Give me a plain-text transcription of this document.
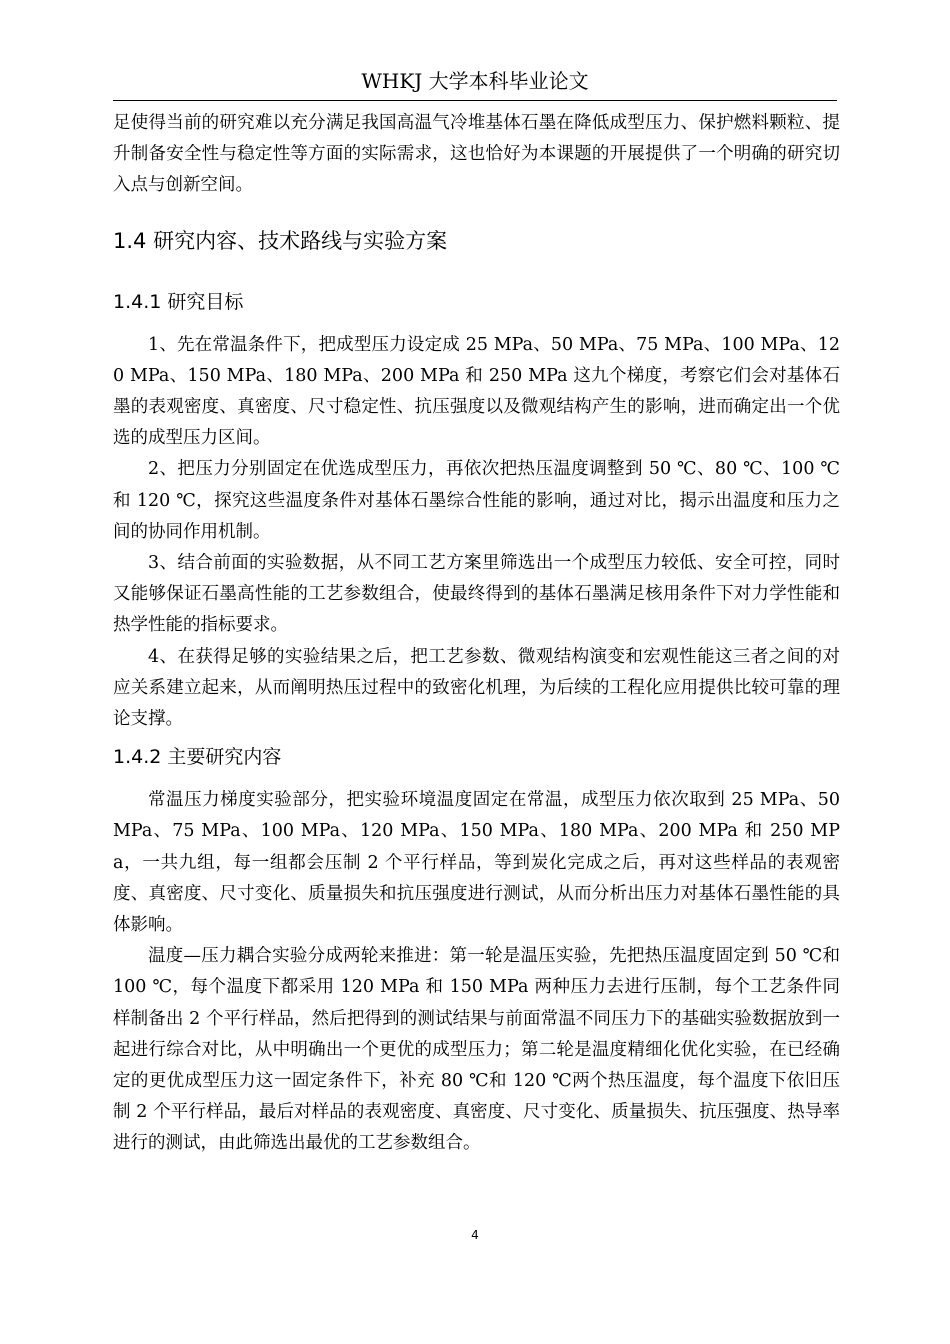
WHKJ 大学本科毕业论文

足使得当前的研究难以充分满足我国高温气冷堆基体石墨在降低成型压力、保护燃料颗粒、提升制备安全性与稳定性等方面的实际需求，这也恰好为本课题的开展提供了一个明确的研究切入点与创新空间。

1.4 研究内容、技术路线与实验方案
1.4.1 研究目标

1、先在常温条件下，把成型压力设定成 25 MPa、50 MPa、75 MPa、100 MPa、120 MPa、150 MPa、180 MPa、200 MPa 和 250 MPa 这九个梯度，考察它们会对基体石墨的表观密度、真密度、尺寸稳定性、抗压强度以及微观结构产生的影响，进而确定出一个优选的成型压力区间。

2、把压力分别固定在优选成型压力，再依次把热压温度调整到 50 ℃、80 ℃、100 ℃和 120 ℃，探究这些温度条件对基体石墨综合性能的影响，通过对比，揭示出温度和压力之间的协同作用机制。

3、结合前面的实验数据，从不同工艺方案里筛选出一个成型压力较低、安全可控，同时又能够保证石墨高性能的工艺参数组合，使最终得到的基体石墨满足核用条件下对力学性能和热学性能的指标要求。

4、在获得足够的实验结果之后，把工艺参数、微观结构演变和宏观性能这三者之间的对应关系建立起来，从而阐明热压过程中的致密化机理，为后续的工程化应用提供比较可靠的理论支撑。

1.4.2 主要研究内容

常温压力梯度实验部分，把实验环境温度固定在常温，成型压力依次取到 25 MPa、50 MPa、75 MPa、100 MPa、120 MPa、150 MPa、180 MPa、200 MPa 和 250 MPa，一共九组，每一组都会压制 2 个平行样品，等到炭化完成之后，再对这些样品的表观密度、真密度、尺寸变化、质量损失和抗压强度进行测试，从而分析出压力对基体石墨性能的具体影响。

温度—压力耦合实验分成两轮来推进：第一轮是温压实验，先把热压温度固定到 50 ℃和 100 ℃，每个温度下都采用 120 MPa 和 150 MPa 两种压力去进行压制，每个工艺条件同样制备出 2 个平行样品，然后把得到的测试结果与前面常温不同压力下的基础实验数据放到一起进行综合对比，从中明确出一个更优的成型压力；第二轮是温度精细化优化实验，在已经确定的更优成型压力这一固定条件下，补充 80 ℃和 120 ℃两个热压温度，每个温度下依旧压制 2 个平行样品，最后对样品的表观密度、真密度、尺寸变化、质量损失、抗压强度、热导率进行的测试，由此筛选出最优的工艺参数组合。

4
